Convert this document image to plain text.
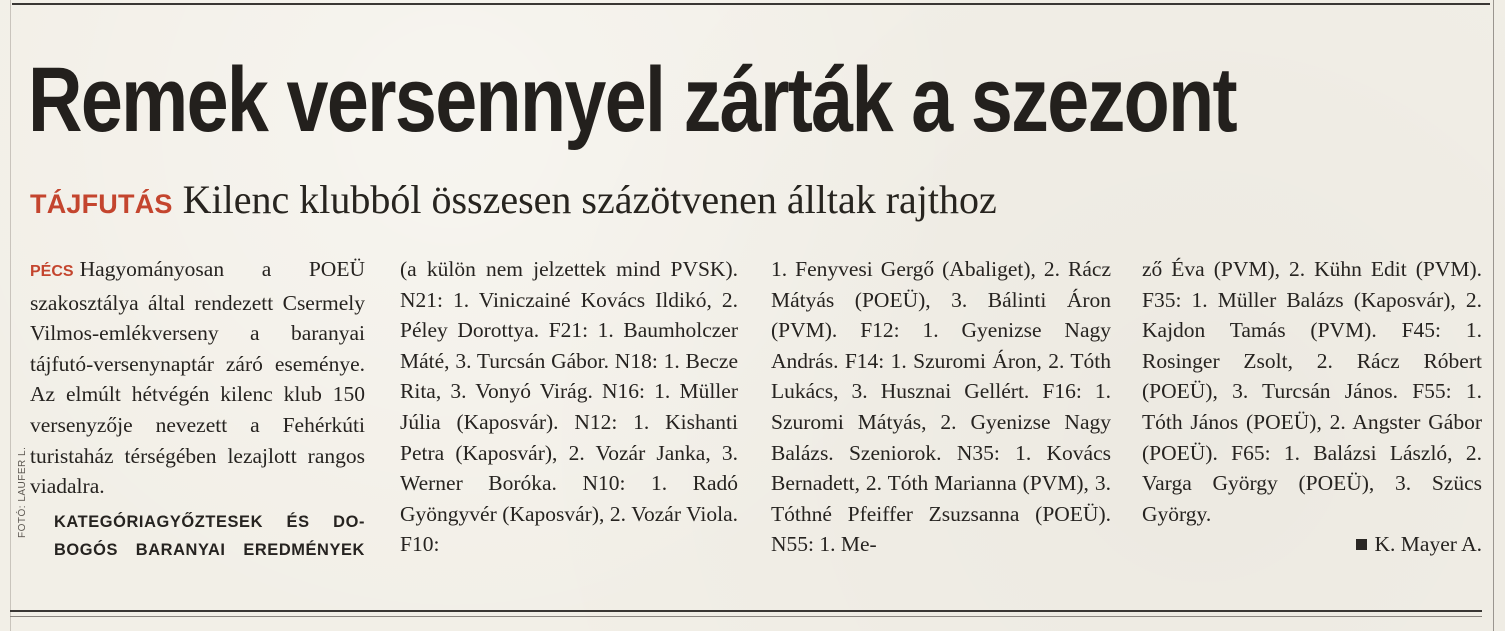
FOTÓ: LAUFER L.
Remek versennyel zárták a szezont
TÁJFUTÁS Kilenc klubból összesen százötvenen álltak rajthoz

PÉCS Hagyományosan a POEÜ szakosztálya által rendezett Csermely Vilmos-emlékverseny a baranyai tájfutó-versenynaptár záró eseménye. Az elmúlt hétvégén kilenc klub 150 versenyzője nevezett a Fehérkúti turistaház térségében lezajlott rangos viadalra.

KATEGÓRIAGYŐZTESEK ÉS DO-
BOGÓS BARANYAI EREDMÉNYEK

(a külön nem jelzettek mind PVSK). N21: 1. Viniczainé Kovács Ildikó, 2. Péley Dorottya. F21: 1. Baumholczer Máté, 3. Turcsán Gábor. N18: 1. Becze Rita, 3. Vonyó Virág. N16: 1. Müller Júlia (Kaposvár). N12: 1. Kishanti Petra (Kaposvár), 2. Vozár Janka, 3. Werner Boróka. N10: 1. Radó Gyöngyvér (Kaposvár), 2. Vozár Viola. F10:

1. Fenyvesi Gergő (Abaliget), 2. Rácz Mátyás (POEÜ), 3. Bálinti Áron (PVM). F12: 1. Gyenizse Nagy András. F14: 1. Szuromi Áron, 2. Tóth Lukács, 3. Husznai Gellért. F16: 1. Szuromi Mátyás, 2. Gyenizse Nagy Balázs. Szeniorok. N35: 1. Kovács Bernadett, 2. Tóth Marianna (PVM), 3. Tóthné Pfeiffer Zsuzsanna (POEÜ). N55: 1. Me-

ző Éva (PVM), 2. Kühn Edit (PVM). F35: 1. Müller Balázs (Kaposvár), 2. Kajdon Tamás (PVM). F45: 1. Rosinger Zsolt, 2. Rácz Róbert (POEÜ), 3. Turcsán János. F55: 1. Tóth János (POEÜ), 2. Angster Gábor (POEÜ). F65: 1. Balázsi László, 2. Varga György (POEÜ), 3. Szücs György.

K. Mayer A.
